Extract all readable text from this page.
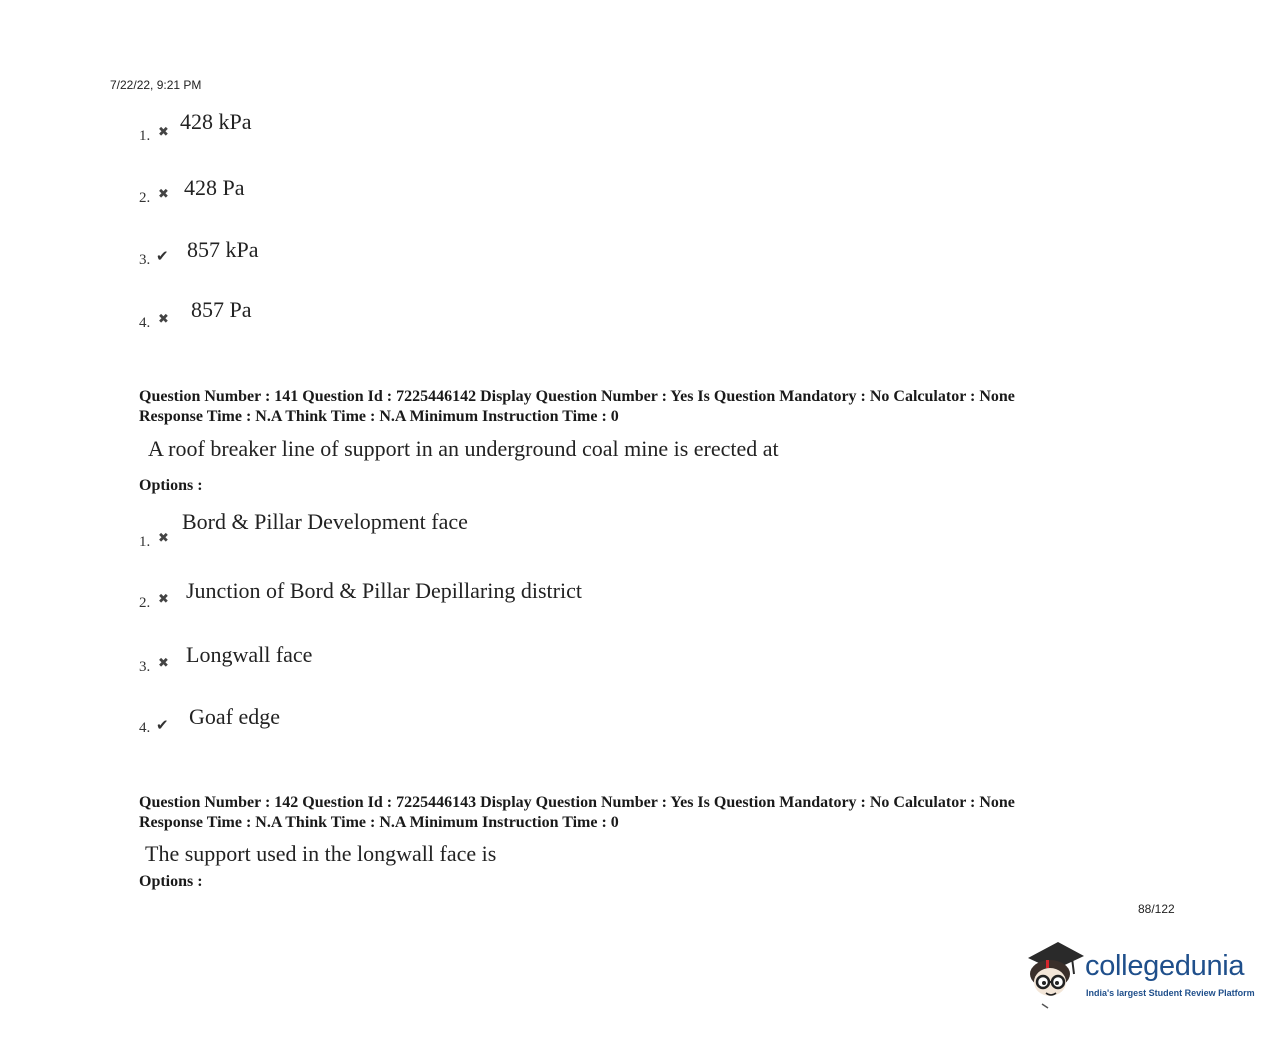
7/22/22, 9:21 PM
1. ✖ 428 kPa
2. ✖ 428 Pa
3. ✔ 857 kPa
4. ✖ 857 Pa
Question Number : 141 Question Id : 7225446142 Display Question Number : Yes Is Question Mandatory : No Calculator : None
Response Time : N.A Think Time : N.A Minimum Instruction Time : 0
A roof breaker line of support in an underground coal mine is erected at
Options :
1. ✖
Bord & Pillar Development face
2. ✖ Junction of Bord & Pillar Depillaring district
3. ✖ Longwall face
4. ✔ Goaf edge
Question Number : 142 Question Id : 7225446143 Display Question Number : Yes Is Question Mandatory : No Calculator : None
Response Time : N.A Think Time : N.A Minimum Instruction Time : 0
The support used in the longwall face is
Options :
88/122
collegedunia
India's largest Student Review Platform
